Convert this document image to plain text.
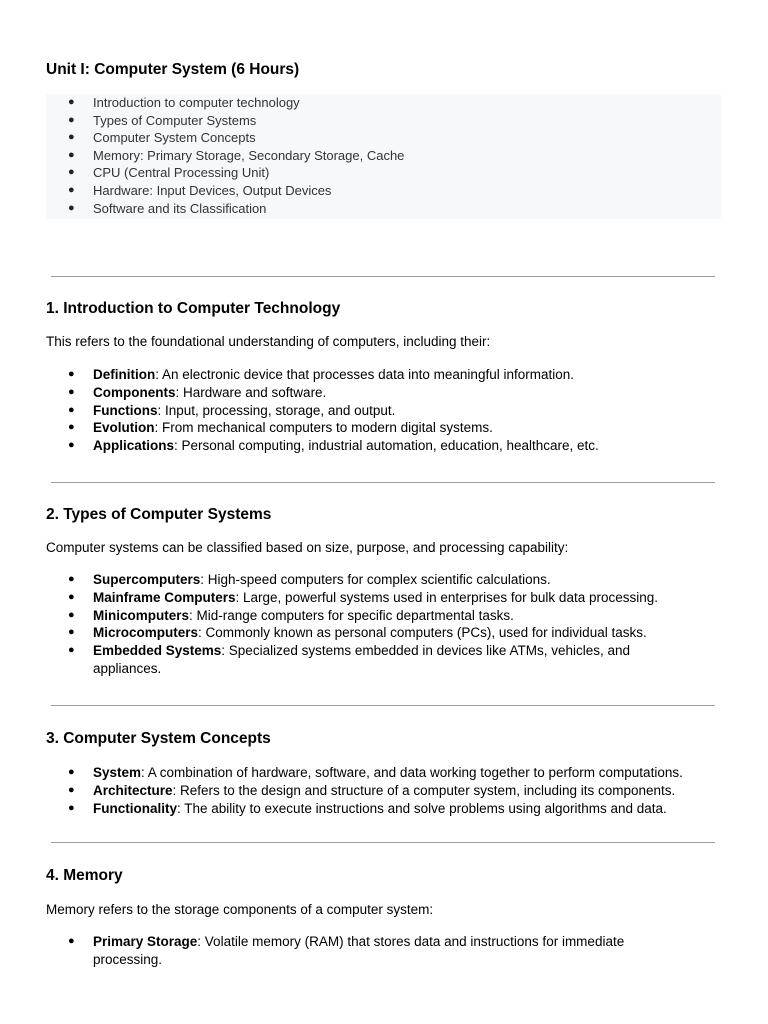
Unit I: Computer System (6 Hours)
● Introduction to computer technology
● Types of Computer Systems
● Computer System Concepts
● Memory: Primary Storage, Secondary Storage, Cache
● CPU (Central Processing Unit)
● Hardware: Input Devices, Output Devices
● Software and its Classification
1. Introduction to Computer Technology

This refers to the foundational understanding of computers, including their:

● Definition: An electronic device that processes data into meaningful information.
● Components: Hardware and software.
● Functions: Input, processing, storage, and output.
● Evolution: From mechanical computers to modern digital systems.
● Applications: Personal computing, industrial automation, education, healthcare, etc.
2. Types of Computer Systems

Computer systems can be classified based on size, purpose, and processing capability:

● Supercomputers: High-speed computers for complex scientific calculations.
● Mainframe Computers: Large, powerful systems used in enterprises for bulk data processing.
● Minicomputers: Mid-range computers for specific departmental tasks.
● Microcomputers: Commonly known as personal computers (PCs), used for individual tasks.
● Embedded Systems: Specialized systems embedded in devices like ATMs, vehicles, and appliances.
3. Computer System Concepts
● System: A combination of hardware, software, and data working together to perform computations.
● Architecture: Refers to the design and structure of a computer system, including its components.
● Functionality: The ability to execute instructions and solve problems using algorithms and data.
4. Memory

Memory refers to the storage components of a computer system:

● Primary Storage: Volatile memory (RAM) that stores data and instructions for immediate processing.
